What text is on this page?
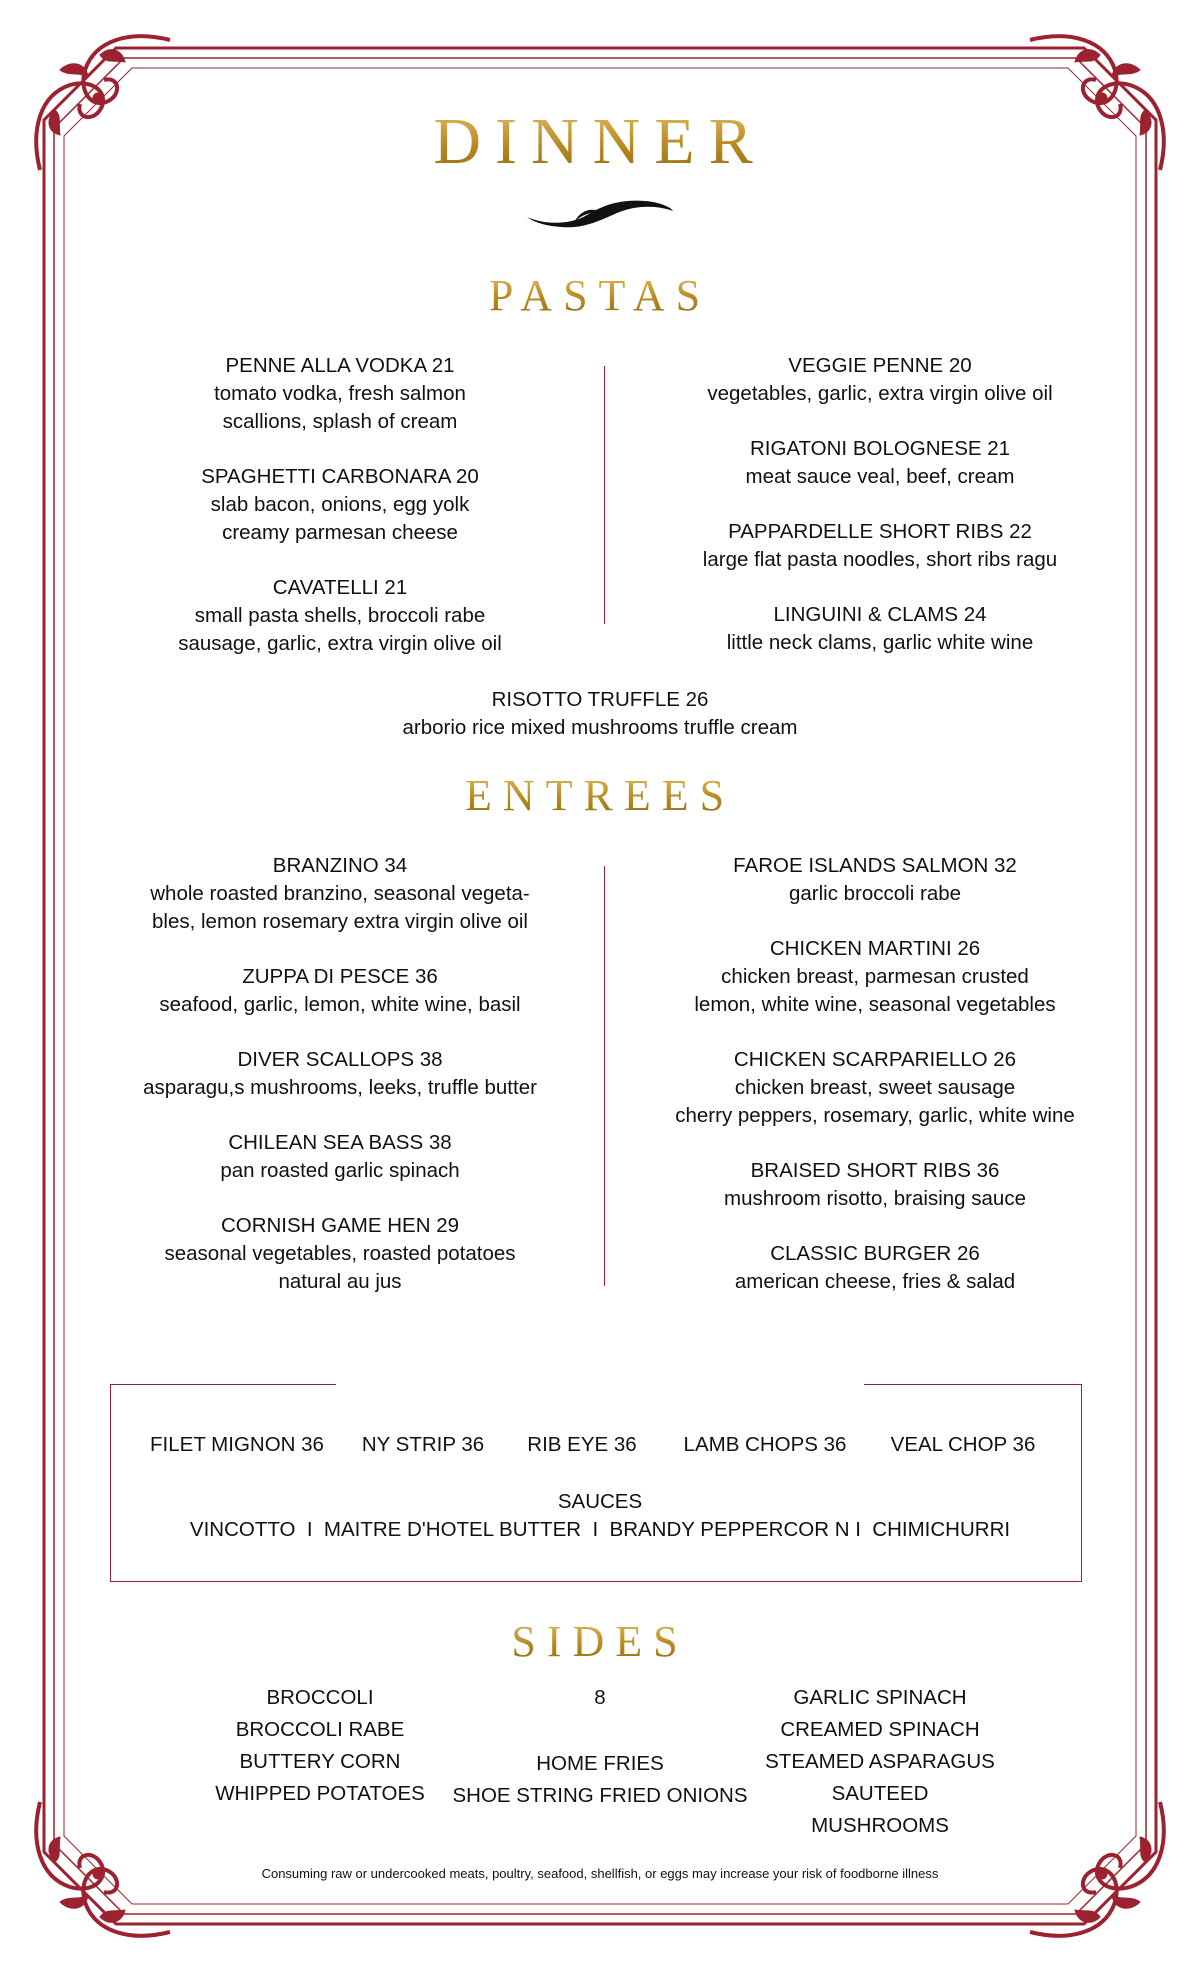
DINNER
PASTAS
PENNE ALLA VODKA 21
tomato vodka, fresh salmon
scallions, splash of cream
SPAGHETTI CARBONARA 20
slab bacon, onions, egg yolk
creamy parmesan cheese
CAVATELLI 21
small pasta shells, broccoli rabe
sausage, garlic, extra virgin olive oil
VEGGIE PENNE 20
vegetables, garlic, extra virgin olive oil
RIGATONI BOLOGNESE 21
meat sauce veal, beef, cream
PAPPARDELLE SHORT RIBS 22
large flat pasta noodles, short ribs ragu
LINGUINI & CLAMS 24
little neck clams, garlic white wine
RISOTTO TRUFFLE 26
arborio rice mixed mushrooms truffle cream
ENTREES
BRANZINO 34
whole roasted branzino, seasonal vegeta-
bles, lemon rosemary extra virgin olive oil
ZUPPA DI PESCE 36
seafood, garlic, lemon, white wine, basil
DIVER SCALLOPS 38
asparagu,s mushrooms, leeks, truffle butter
CHILEAN SEA BASS 38
pan roasted garlic spinach
CORNISH GAME HEN 29
seasonal vegetables, roasted potatoes
natural au jus
FAROE ISLANDS SALMON 32
garlic broccoli rabe
CHICKEN MARTINI 26
chicken breast, parmesan crusted
lemon, white wine, seasonal vegetables
CHICKEN SCARPARIELLO 26
chicken breast, sweet sausage
cherry peppers, rosemary, garlic, white wine
BRAISED SHORT RIBS 36
mushroom risotto, braising sauce
CLASSIC BURGER 26
american cheese, fries & salad
STEAKS & CHOPS
FILET MIGNON 36 NY STRIP 36 RIB EYE 36 LAMB CHOPS 36 VEAL CHOP 36
SAUCES
VINCOTTO  I  MAITRE D'HOTEL BUTTER  I  BRANDY PEPPERCOR N I  CHIMICHURRI
SIDES
BROCCOLI
BROCCOLI RABE
BUTTERY CORN
WHIPPED POTATOES
8
HOME FRIES
SHOE STRING FRIED ONIONS
GARLIC SPINACH
CREAMED SPINACH
STEAMED ASPARAGUS
SAUTEED MUSHROOMS
Consuming raw or undercooked meats, poultry, seafood, shellfish, or eggs may increase your risk of foodborne illness
